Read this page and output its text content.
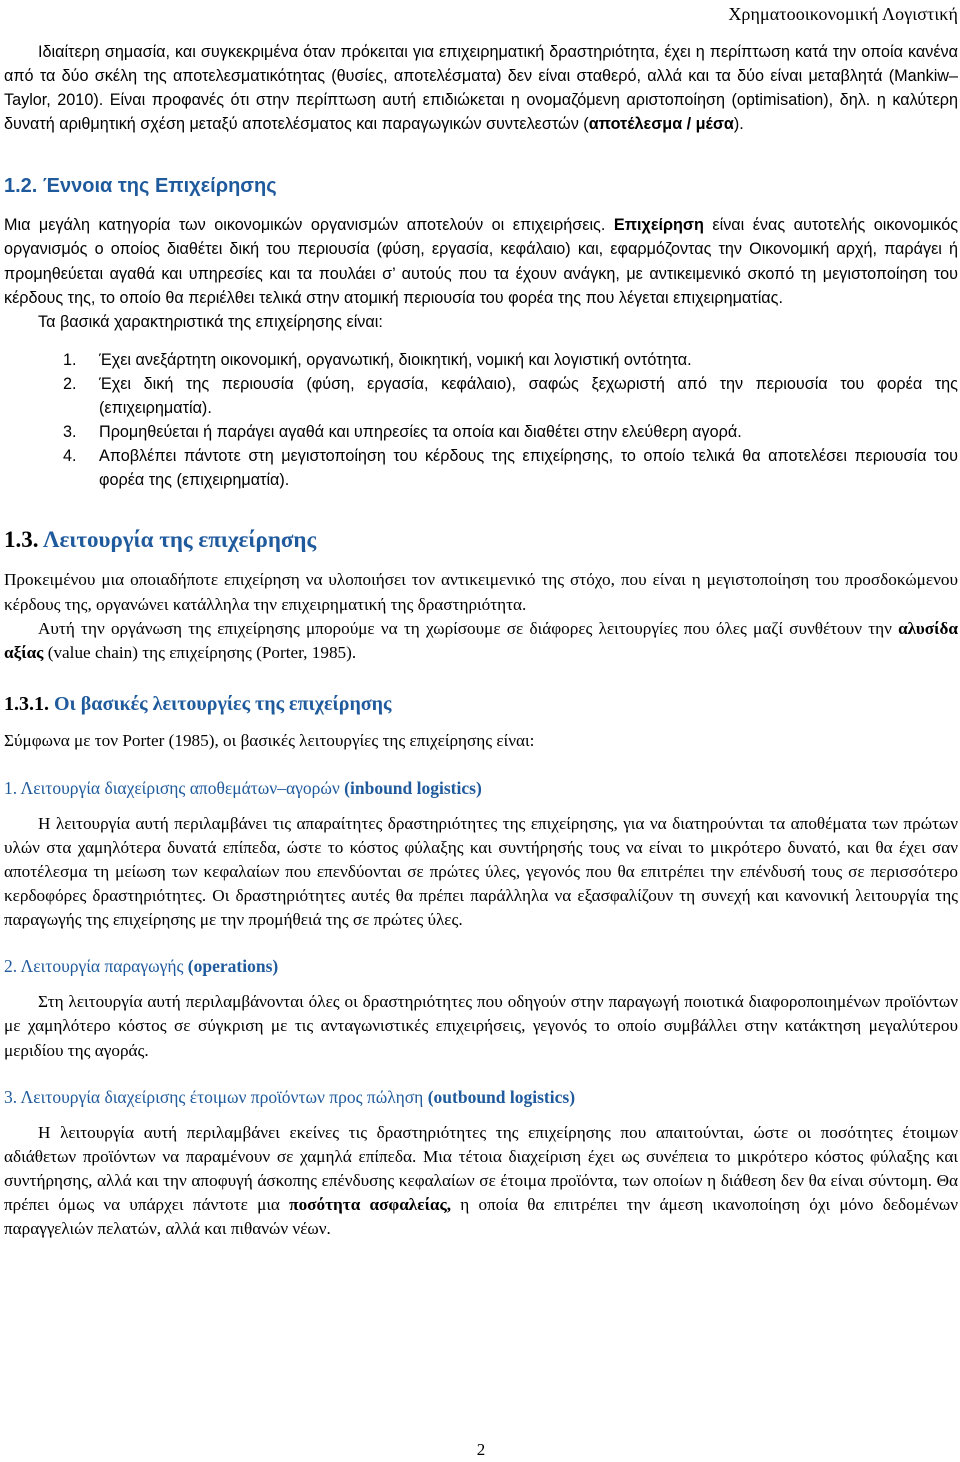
Χρηματοοικονομική Λογιστική

Ιδιαίτερη σημασία, και συγκεκριμένα όταν πρόκειται για επιχειρηματική δραστηριότητα, έχει η περίπτωση κατά την οποία κανένα από τα δύο σκέλη της αποτελεσματικότητας (θυσίες, αποτελέσματα) δεν είναι σταθερό, αλλά και τα δύο είναι μεταβλητά (Mankiw–Taylor, 2010). Είναι προφανές ότι στην περίπτωση αυτή επιδιώκεται η ονομαζόμενη αριστοποίηση (optimisation), δηλ. η καλύτερη δυνατή αριθμητική σχέση μεταξύ αποτελέσματος και παραγωγικών συντελεστών (αποτέλεσμα / μέσα).

1.2. Έννοια της Επιχείρησης

Μια μεγάλη κατηγορία των οικονομικών οργανισμών αποτελούν οι επιχειρήσεις. Επιχείρηση είναι ένας αυτοτελής οικονομικός οργανισμός ο οποίος διαθέτει δική του περιουσία (φύση, εργασία, κεφάλαιο) και, εφαρμόζοντας την Οικονομική αρχή, παράγει ή προμηθεύεται αγαθά και υπηρεσίες και τα πουλάει σ’ αυτούς που τα έχουν ανάγκη, με αντικειμενικό σκοπό τη μεγιστοποίηση του κέρδους της, το οποίο θα περιέλθει τελικά στην ατομική περιουσία του φορέα της που λέγεται επιχειρηματίας.

Τα βασικά χαρακτηριστικά της επιχείρησης είναι:

1. Έχει ανεξάρτητη οικονομική, οργανωτική, διοικητική, νομική και λογιστική οντότητα.
2. Έχει δική της περιουσία (φύση, εργασία, κεφάλαιο), σαφώς ξεχωριστή από την περιουσία του φορέα της (επιχειρηματία).
3. Προμηθεύεται ή παράγει αγαθά και υπηρεσίες τα οποία και διαθέτει στην ελεύθερη αγορά.
4. Αποβλέπει πάντοτε στη μεγιστοποίηση του κέρδους της επιχείρησης, το οποίο τελικά θα αποτελέσει περιουσία του φορέα της (επιχειρηματία).
1.3. Λειτουργία της επιχείρησης

Προκειμένου μια οποιαδήποτε επιχείρηση να υλοποιήσει τον αντικειμενικό της στόχο, που είναι η μεγιστοποίηση του προσδοκώμενου κέρδους της, οργανώνει κατάλληλα την επιχειρηματική της δραστηριότητα.

Αυτή την οργάνωση της επιχείρησης μπορούμε να τη χωρίσουμε σε διάφορες λειτουργίες που όλες μαζί συνθέτουν την αλυσίδα αξίας (value chain) της επιχείρησης (Porter, 1985).

1.3.1. Οι βασικές λειτουργίες της επιχείρησης

Σύμφωνα με τον Porter (1985), οι βασικές λειτουργίες της επιχείρησης είναι:

1. Λειτουργία διαχείρισης αποθεμάτων–αγορών (inbound logistics)

Η λειτουργία αυτή περιλαμβάνει τις απαραίτητες δραστηριότητες της επιχείρησης, για να διατηρούνται τα αποθέματα των πρώτων υλών στα χαμηλότερα δυνατά επίπεδα, ώστε το κόστος φύλαξης και συντήρησής τους να είναι το μικρότερο δυνατό, και θα έχει σαν αποτέλεσμα τη μείωση των κεφαλαίων που επενδύονται σε πρώτες ύλες, γεγονός που θα επιτρέπει την επένδυσή τους σε περισσότερο κερδοφόρες δραστηριότητες. Οι δραστηριότητες αυτές θα πρέπει παράλληλα να εξασφαλίζουν τη συνεχή και κανονική λειτουργία της παραγωγής της επιχείρησης με την προμήθειά της σε πρώτες ύλες.

2. Λειτουργία παραγωγής (operations)

Στη λειτουργία αυτή περιλαμβάνονται όλες οι δραστηριότητες που οδηγούν στην παραγωγή ποιοτικά διαφοροποιημένων προϊόντων με χαμηλότερο κόστος σε σύγκριση με τις ανταγωνιστικές επιχειρήσεις, γεγονός το οποίο συμβάλλει στην κατάκτηση μεγαλύτερου μεριδίου της αγοράς.

3. Λειτουργία διαχείρισης έτοιμων προϊόντων προς πώληση (outbound logistics)

Η λειτουργία αυτή περιλαμβάνει εκείνες τις δραστηριότητες της επιχείρησης που απαιτούνται, ώστε οι ποσότητες έτοιμων αδιάθετων προϊόντων να παραμένουν σε χαμηλά επίπεδα. Μια τέτοια διαχείριση έχει ως συνέπεια το μικρότερο κόστος φύλαξης και συντήρησης, αλλά και την αποφυγή άσκοπης επένδυσης κεφαλαίων σε έτοιμα προϊόντα, των οποίων η διάθεση δεν θα είναι σύντομη. Θα πρέπει όμως να υπάρχει πάντοτε μια ποσότητα ασφαλείας, η οποία θα επιτρέπει την άμεση ικανοποίηση όχι μόνο δεδομένων παραγγελιών πελατών, αλλά και πιθανών νέων.

2
